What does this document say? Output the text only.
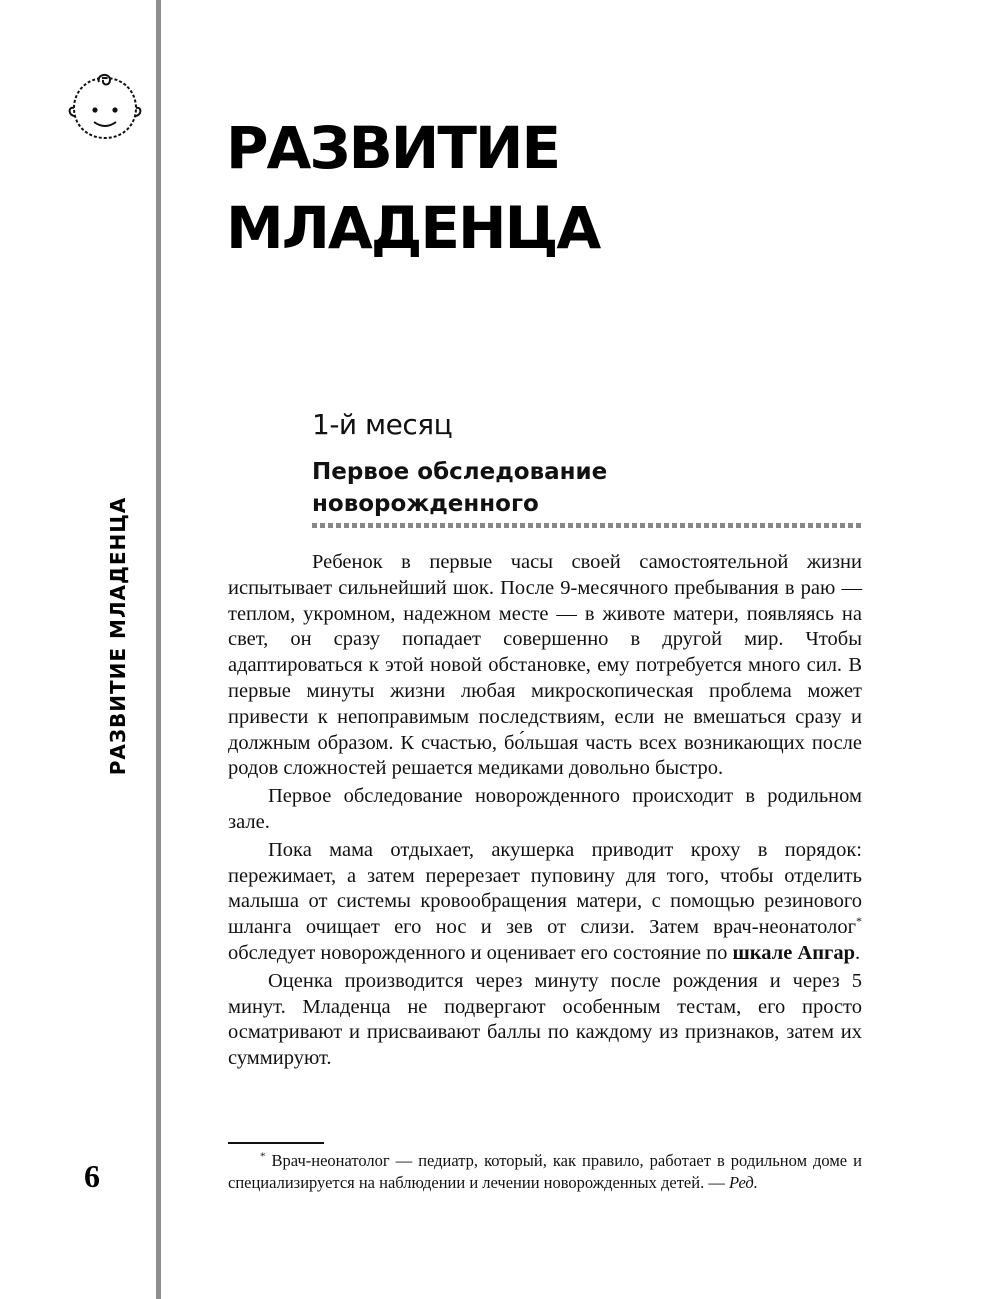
РАЗВИТИЕ
МЛАДЕНЦА
РАЗВИТИЕ МЛАДЕНЦА
6
1-й месяц
Первое обследование
новорожденного

Ребенок в первые часы своей самостоятельной жизни испытывает сильнейший шок. После 9-месячного пребывания в раю — теплом, укромном, надежном месте — в животе матери, появляясь на свет, он сразу попадает совершенно в другой мир. Чтобы адаптироваться к этой новой обстановке, ему потребуется много сил. В первые минуты жизни любая микроскопическая проблема может привести к непоправимым последствиям, если не вмешаться сразу и должным образом. К счастью, бо́льшая часть всех возникающих после родов сложностей решается медиками довольно быстро.

Первое обследование новорожденного происходит в родильном зале.

Пока мама отдыхает, акушерка приводит кроху в порядок: пережимает, а затем перерезает пуповину для того, чтобы отделить малыша от системы кровообращения матери, с помощью резинового шланга очищает его нос и зев от слизи. Затем врач-неонатолог* обследует новорожденного и оценивает его состояние по шкале Апгар.

Оценка производится через минуту после рождения и через 5 минут. Младенца не подвергают особенным тестам, его просто осматривают и присваивают баллы по каждому из признаков, затем их суммируют.

* Врач-неонатолог — педиатр, который, как правило, работает в родильном доме и специализируется на наблюдении и лечении новорожденных детей. — Ред.
